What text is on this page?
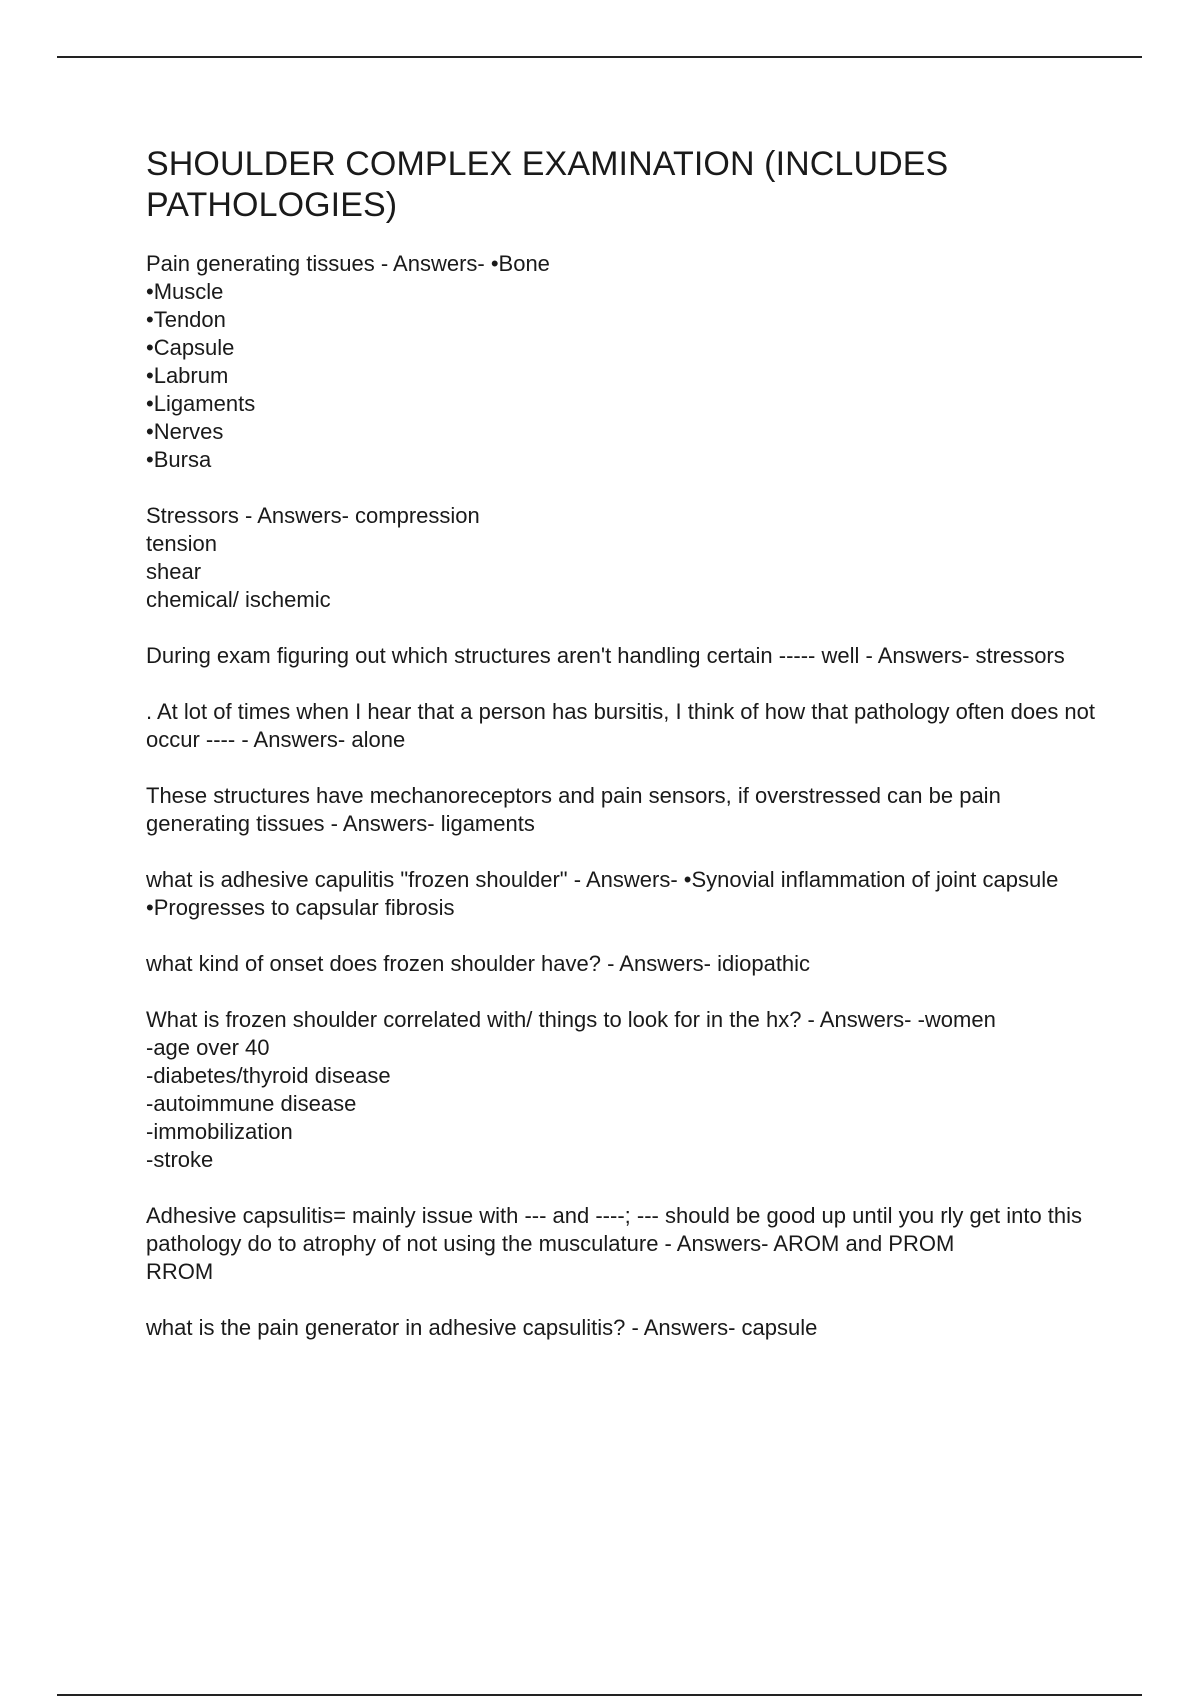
SHOULDER COMPLEX EXAMINATION (INCLUDES PATHOLOGIES)

Pain generating tissues - Answers- •Bone
•Muscle
•Tendon
•Capsule
•Labrum
•Ligaments
•Nerves
•Bursa

Stressors - Answers- compression
tension
shear
chemical/ ischemic

During exam figuring out which structures aren't handling certain ----- well - Answers- stressors

. At lot of times when I hear that a person has bursitis, I think of how that pathology often does not occur ---- - Answers- alone

These structures have mechanoreceptors and pain sensors, if overstressed can be pain generating tissues - Answers- ligaments

what is adhesive capulitis "frozen shoulder" - Answers- •Synovial inflammation of joint capsule
•Progresses to capsular fibrosis

what kind of onset does frozen shoulder have? - Answers- idiopathic

What is frozen shoulder correlated with/ things to look for in the hx? - Answers- -women
-age over 40
-diabetes/thyroid disease
-autoimmune disease
-immobilization
-stroke

Adhesive capsulitis= mainly issue with --- and ----; --- should be good up until you rly get into this pathology do to atrophy of not using the musculature - Answers- AROM and PROM
RROM

what is the pain generator in adhesive capsulitis? - Answers- capsule
